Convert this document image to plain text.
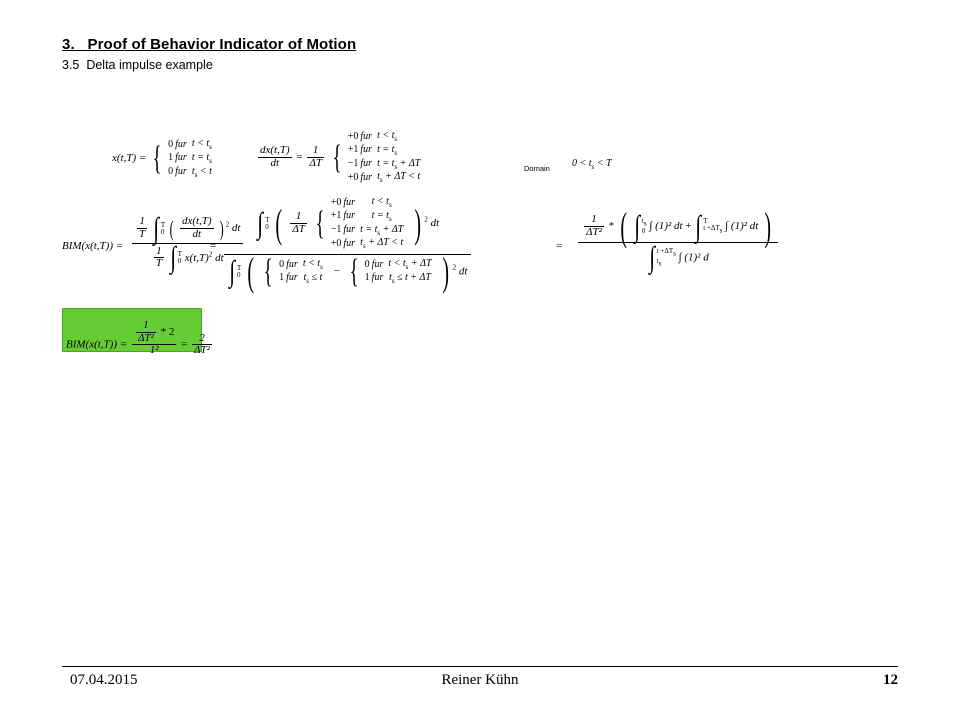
3.   Proof of Behavior Indicator of Motion
3.5  Delta impulse example
x(t,T) = { 0	fur	$t < t_s$
1	fur	$t = t_s$
0	fur	$t_s < t$
$\frac{dx(t,T)}{dt} = \frac{1}{\Delta T}$ {
+0	fur	$t < t_s$
+1	fur	$t = t_s$
−1	fur	$t = t_s + \Delta T$
+0	fur	$t_s + \Delta T < t$
Domain $0 < t_s < T$
BIM(x(t,T)) =
$\frac{1}{T}$ ∫ T
0 ( $\frac{dx(t,T)}{dt}$ ) $^2$ dt
$\frac{1}{T}$ ∫ T
0 $x(t,T)^2$ dt
=
∫ T
0 ( $\frac{1}{\Delta T}$ {
+0	fur	$t < t_s$
+1	fur	$t = t_s$
−1	fur	$t = t_s + \Delta T$
+0	fur	$t_s + \Delta T < t$ ) $^2$ dt
∫ T
0 ( { 0	fur	$t < t_s$
1	fur	$t_s \le t$ − { 0	fur	$t < t_s + \Delta T$
1	fur	$t_s \le t + \Delta T$ ) $^2$ dt
=
$\frac{1}{\text{ΔT²}}$ * ( ∫ ts
0 ∫ (1)² dt + ∫ T
t +ΔTs ∫ (1)² dt )
∫ t +ΔTs
ts	∫ (1)² d
$BIM(x(t,T)) = \frac{\frac{1}{\text{ΔT²}} * 2}{\text{1²}} = \frac{2}{\text{ΔT²}}$
07.04.2015	Reiner Kühn	12
